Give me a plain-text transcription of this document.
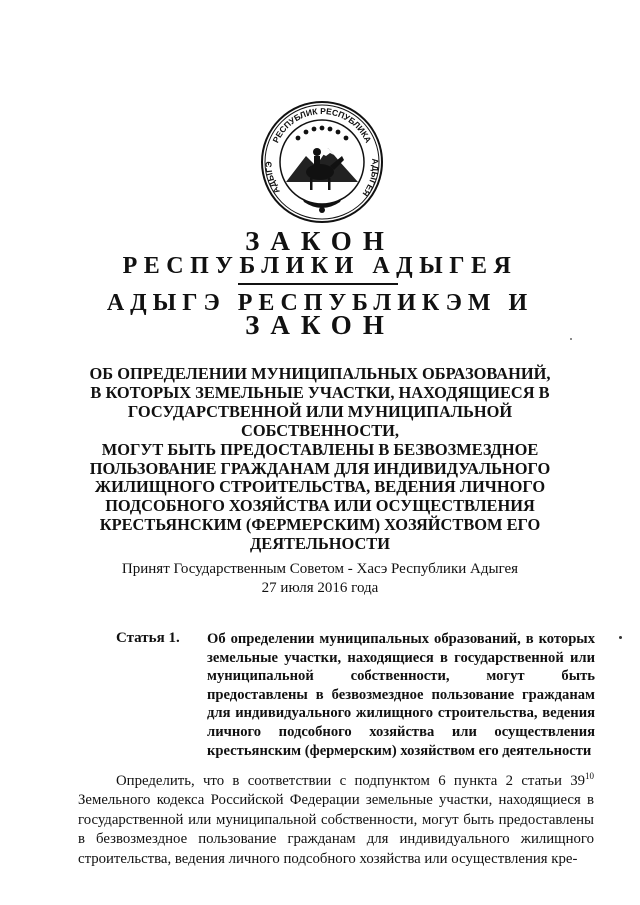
РЕСПУБЛИК РЕСПУБЛИКА
АДЫГЭ	АДЫГЕЯ
ЗАКОН
РЕСПУБЛИКИ АДЫГЕЯ
АДЫГЭ РЕСПУБЛИКЭМ И
ЗАКОН
ОБ ОПРЕДЕЛЕНИИ МУНИЦИПАЛЬНЫХ ОБРАЗОВАНИЙ,
В КОТОРЫХ ЗЕМЕЛЬНЫЕ УЧАСТКИ, НАХОДЯЩИЕСЯ В
ГОСУДАРСТВЕННОЙ ИЛИ МУНИЦИПАЛЬНОЙ СОБСТВЕННОСТИ,
МОГУТ БЫТЬ ПРЕДОСТАВЛЕНЫ В БЕЗВОЗМЕЗДНОЕ
ПОЛЬЗОВАНИЕ ГРАЖДАНАМ ДЛЯ ИНДИВИДУАЛЬНОГО
ЖИЛИЩНОГО СТРОИТЕЛЬСТВА, ВЕДЕНИЯ ЛИЧНОГО
ПОДСОБНОГО ХОЗЯЙСТВА ИЛИ ОСУЩЕСТВЛЕНИЯ
КРЕСТЬЯНСКИМ (ФЕРМЕРСКИМ) ХОЗЯЙСТВОМ ЕГО
ДЕЯТЕЛЬНОСТИ
Принят Государственным Советом - Хасэ Республики Адыгея
27 июля 2016 года
Статья 1. Об определении муниципальных образований, в которых земельные участки, находящиеся в государственной или муниципальной собственности, могут быть предоставлены в безвозмездное пользование гражданам для индивидуального жилищного строительства, ведения личного подсобного хозяйства или осуществления крестьянским (фермерским) хозяйством его деятельности
Определить, что в соответствии с подпунктом 6 пункта 2 статьи $39^{10}$ Земельного кодекса Российской Федерации земельные участки, находящиеся в государственной или муниципальной собственности, могут быть предоставлены в безвозмездное пользование гражданам для индивидуального жилищного строительства, ведения личного подсобного хозяйства или осуществления кре-
